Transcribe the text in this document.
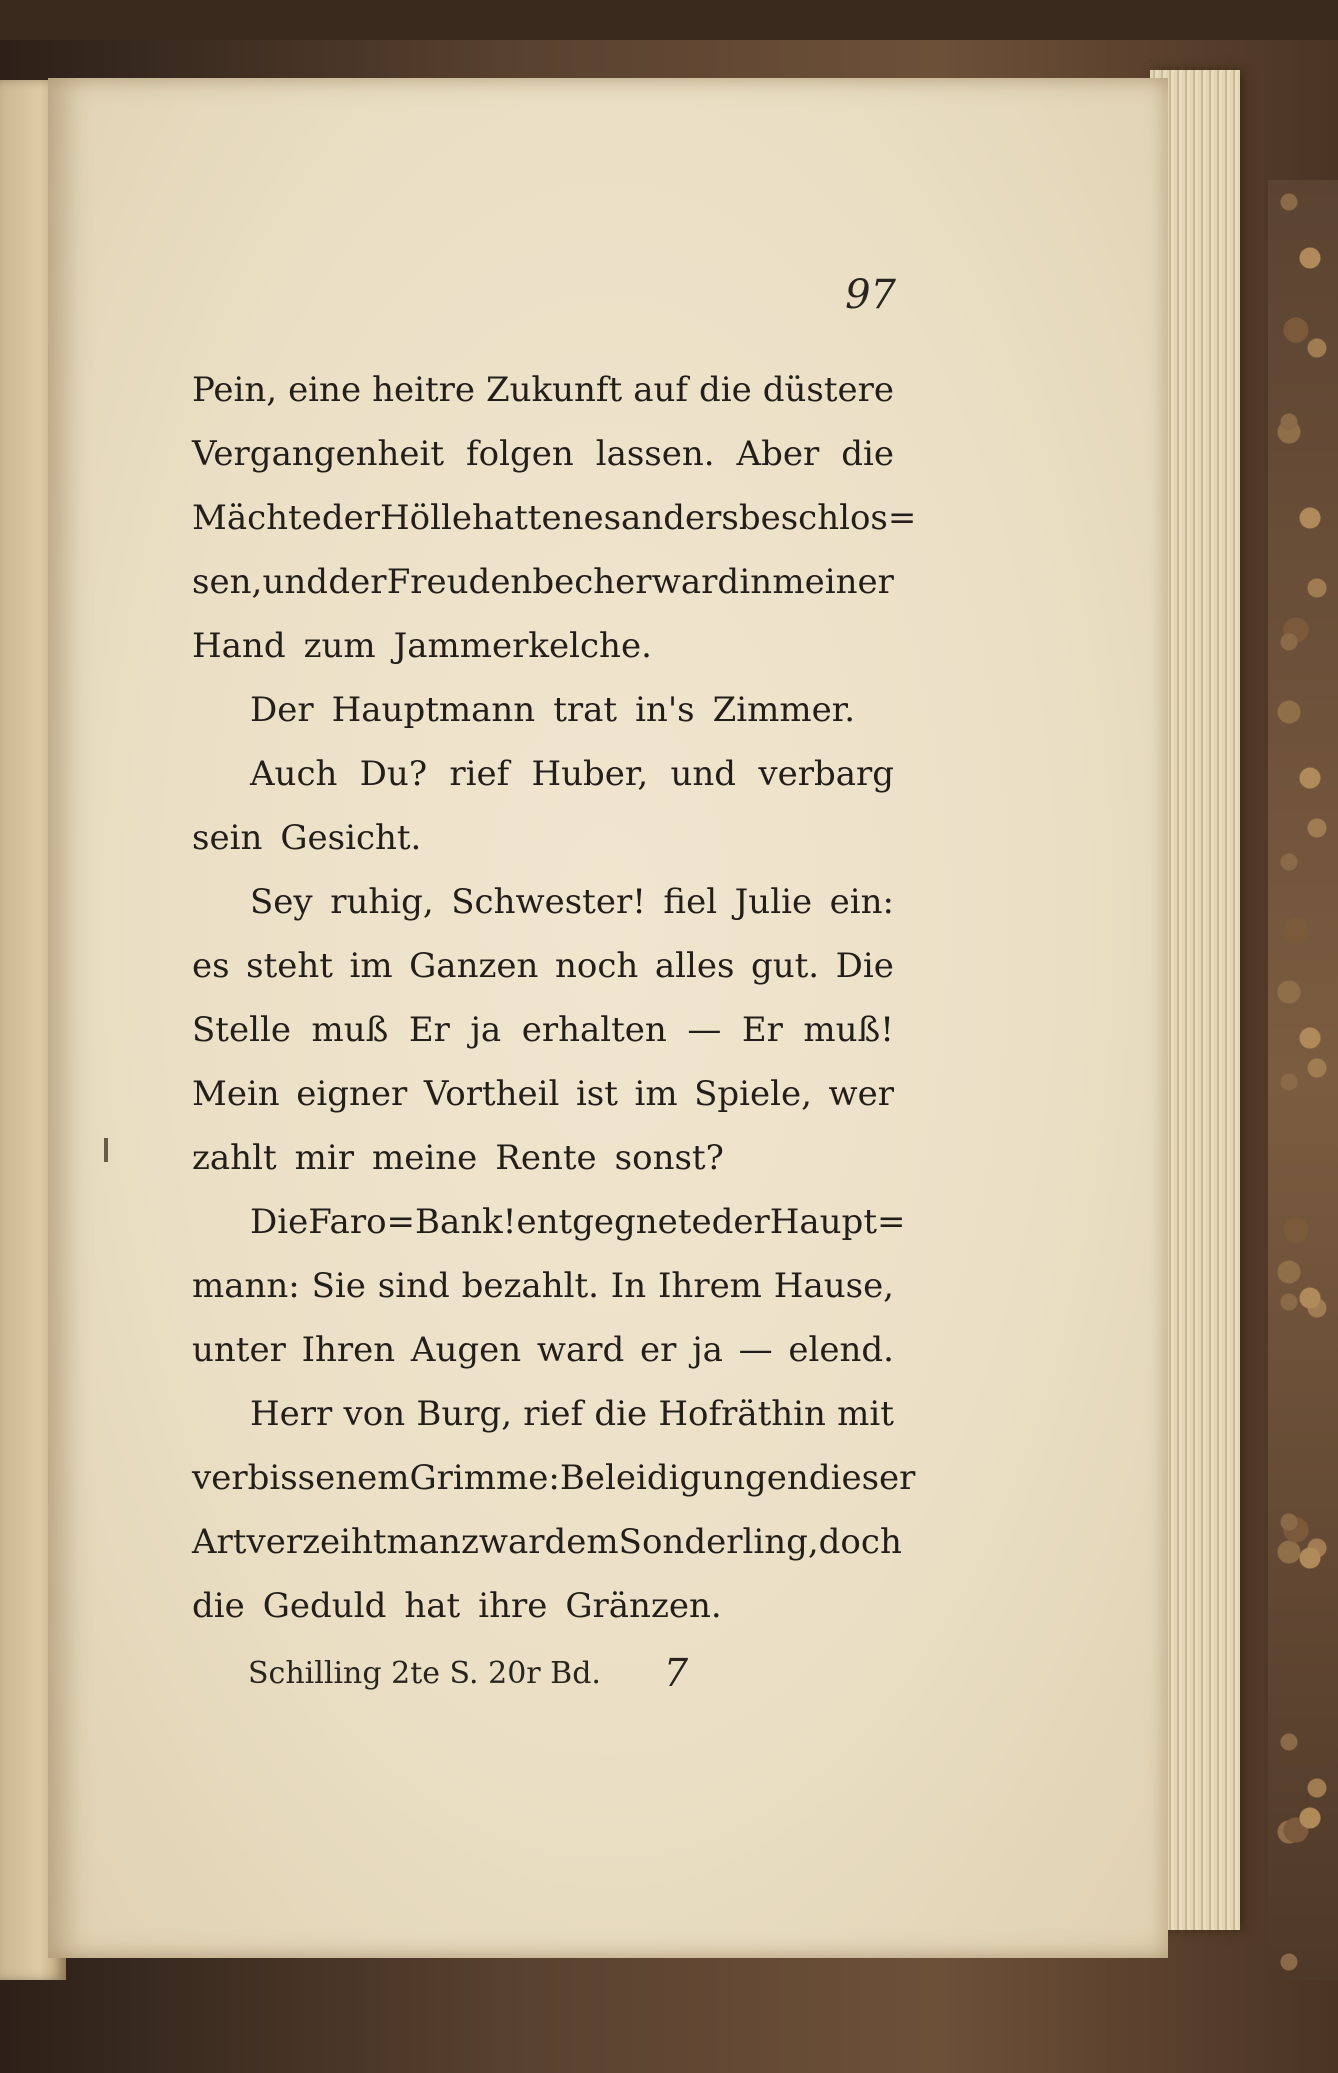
97
Pein, eine heitre Zukunft auf die düstere
Vergangenheit folgen lassen. Aber die
Mächte der Hölle hatten es anders beschlos=
sen, und der Freudenbecher ward in meiner
Hand zum Jammerkelche.
Der Hauptmann trat in's Zimmer.
Auch Du? rief Huber, und verbarg
sein Gesicht.
Sey ruhig, Schwester! fiel Julie ein:
es steht im Ganzen noch alles gut. Die
Stelle muß Er ja erhalten — Er muß!
Mein eigner Vortheil ist im Spiele, wer
zahlt mir meine Rente sonst?
Die Faro=Bank! entgegnete der Haupt=
mann: Sie sind bezahlt. In Ihrem Hause,
unter Ihren Augen ward er ja — elend.
Herr von Burg, rief die Hofräthin mit
verbissenem Grimme: Beleidigungen dieser
Art verzeiht man zwar dem Sonderling, doch
die Geduld hat ihre Gränzen.
Schilling 2te S. 20r Bd. 7
